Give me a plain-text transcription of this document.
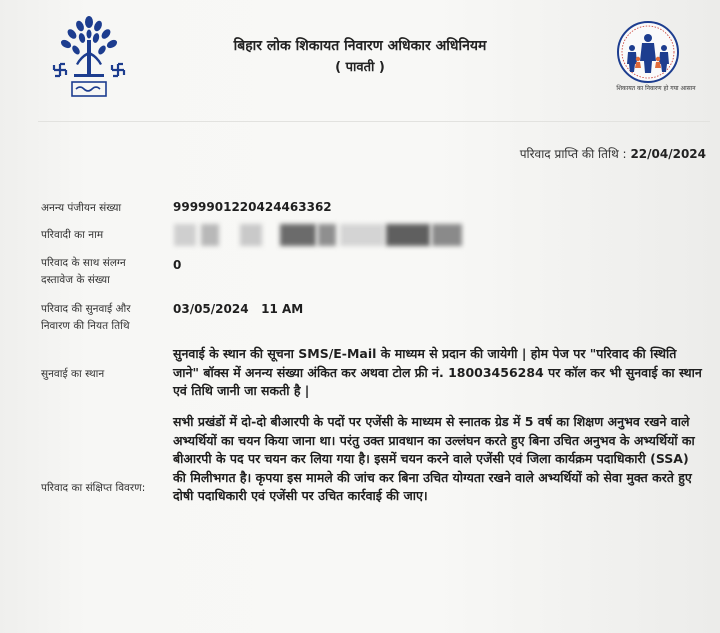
बिहार लोक शिकायत निवारण अधिकार अधिनियम
( पावती )
शिकायत का निवारण हो गया आसान
परिवाद प्राप्ति की तिथि : 22/04/2024
अनन्य पंजीयन संख्या	999990122042446336​2
परिवादी का नाम
परिवाद के साथ संलग्न
दस्तावेज के संख्या
0
परिवाद की सुनवाई और
निवारण की नियत तिथि
03/05/2024   11 AM
सुनवाई का स्थान
सुनवाई के स्थान की सूचना SMS/E-Mail के माध्यम से प्रदान की जायेगी | होम पेज पर "परिवाद की स्थिति जाने" बॉक्स में अनन्य संख्या अंकित कर अथवा टोल फ्री नं. 18003456284 पर कॉल कर भी सुनवाई का स्थान एवं तिथि जानी जा सकती है |
परिवाद का संक्षिप्त विवरण:
सभी प्रखंडों में दो-दो बीआरपी के पदों पर एजेंसी के माध्यम से स्नातक ग्रेड में 5 वर्ष का शिक्षण अनुभव रखने वाले अभ्यर्थियों का चयन किया जाना था। परंतु उक्त प्रावधान का उल्लंघन करते हुए बिना उचित अनुभव के अभ्यर्थियों का बीआरपी के पद पर चयन कर लिया गया है। इसमें चयन करने वाले एजेंसी एवं जिला कार्यक्रम पदाधिकारी (SSA) की मिलीभगत है। कृपया इस मामले की जांच कर बिना उचित योग्यता रखने वाले अभ्यर्थियों को सेवा मुक्त करते हुए दोषी पदाधिकारी एवं एजेंसी पर उचित कार्रवाई की जाए।
